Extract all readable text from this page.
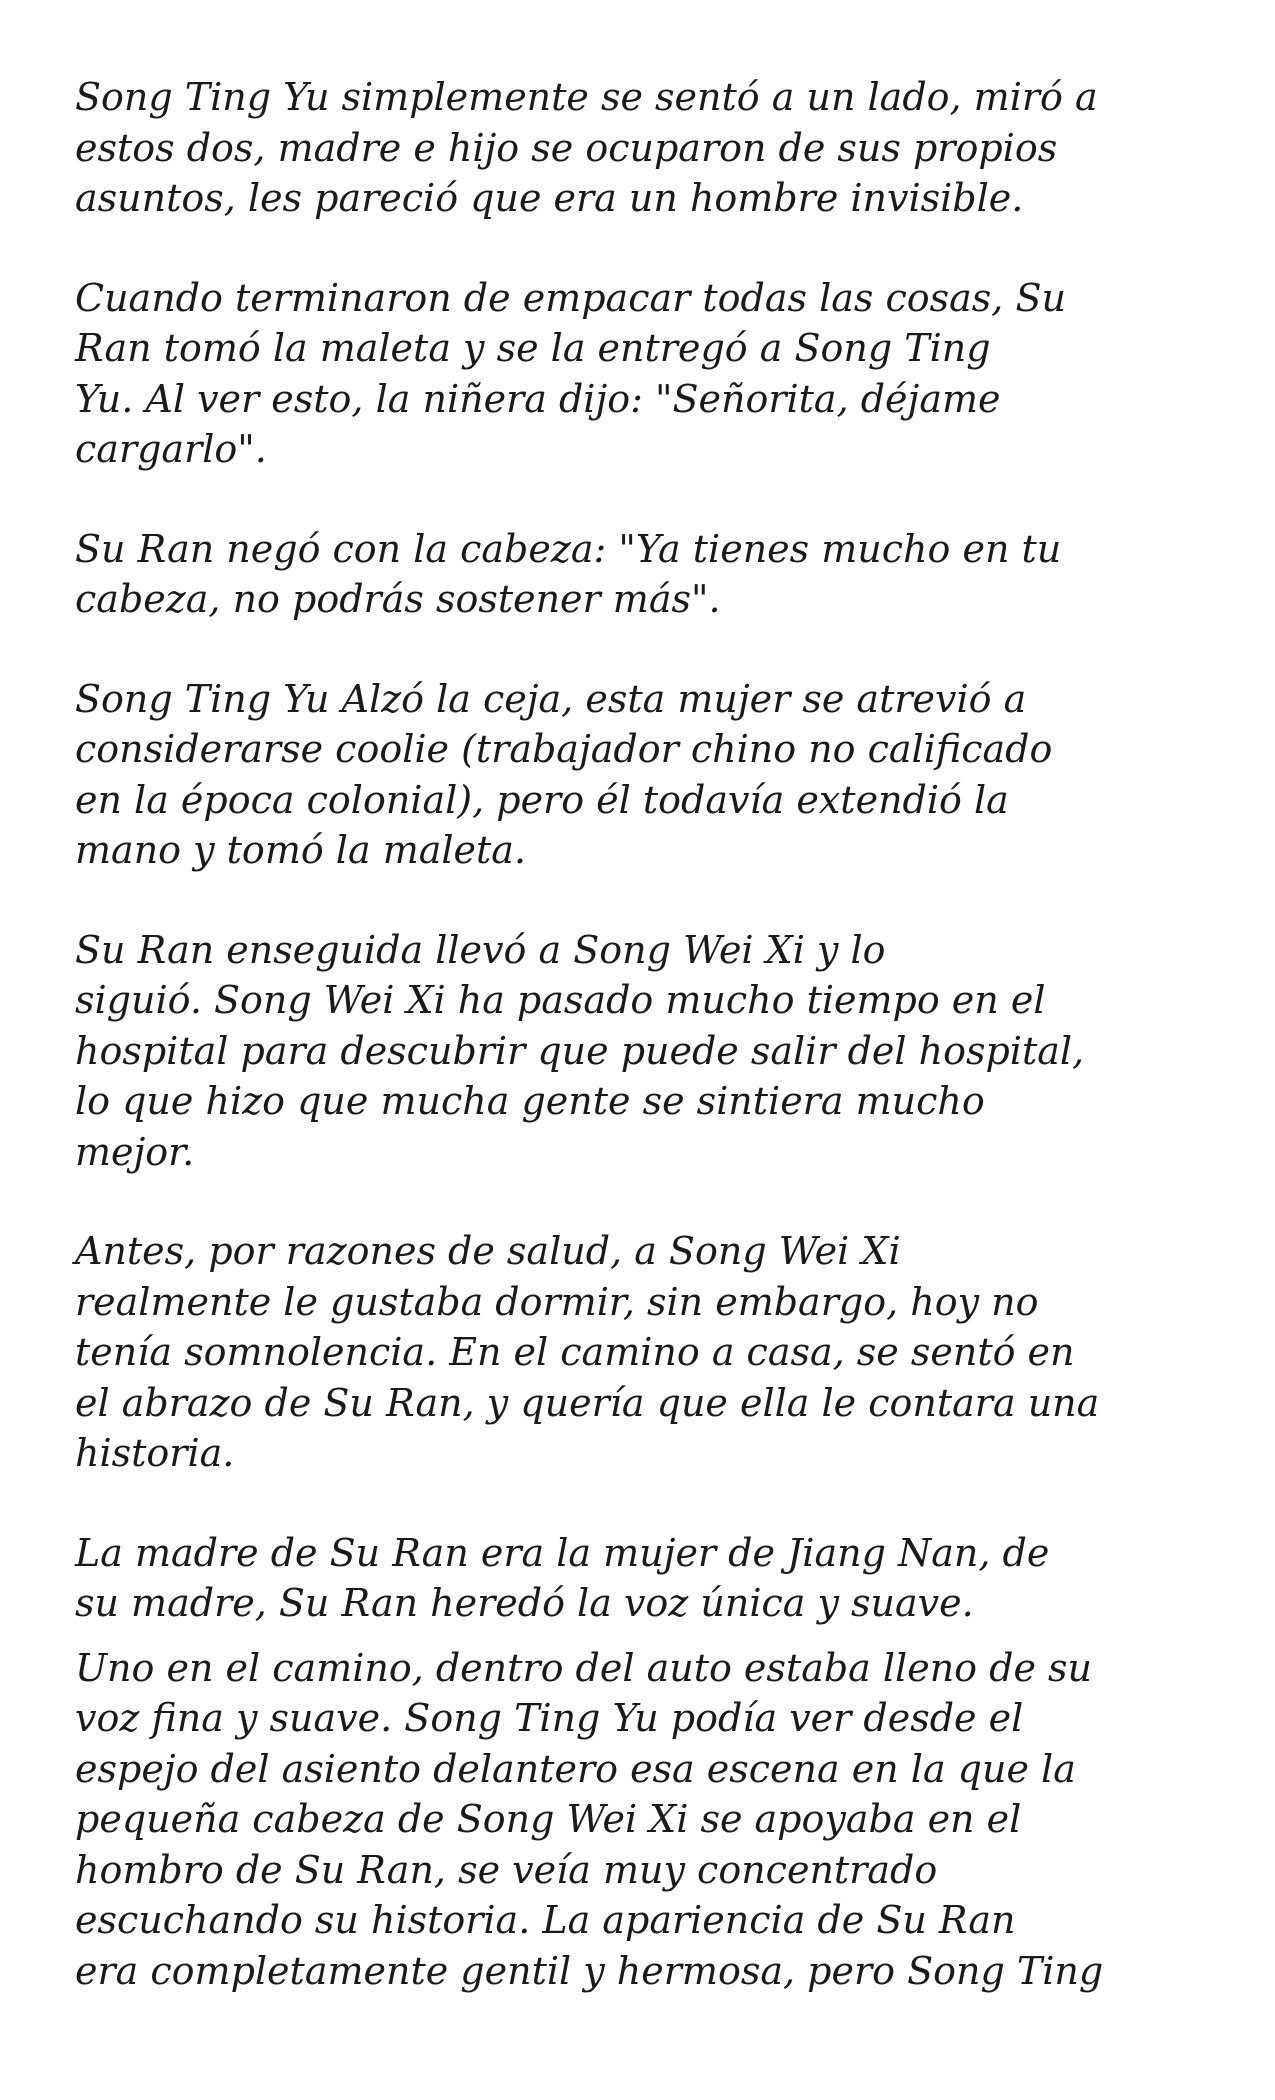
Song Ting Yu simplemente se sentó a un lado, miró a
estos dos, madre e hijo se ocuparon de sus propios
asuntos, les pareció que era un hombre invisible.

Cuando terminaron de empacar todas las cosas, Su
Ran tomó la maleta y se la entregó a Song Ting
Yu. Al ver esto, la niñera dijo: "Señorita, déjame
cargarlo".

Su Ran negó con la cabeza: "Ya tienes mucho en tu
cabeza, no podrás sostener más".

Song Ting Yu Alzó la ceja, esta mujer se atrevió a
considerarse coolie (trabajador chino no calificado
en la época colonial), pero él todavía extendió la
mano y tomó la maleta.

Su Ran enseguida llevó a Song Wei Xi y lo
siguió. Song Wei Xi ha pasado mucho tiempo en el
hospital para descubrir que puede salir del hospital,
lo que hizo que mucha gente se sintiera mucho
mejor.

Antes, por razones de salud, a Song Wei Xi
realmente le gustaba dormir, sin embargo, hoy no
tenía somnolencia. En el camino a casa, se sentó en
el abrazo de Su Ran, y quería que ella le contara una
historia.

La madre de Su Ran era la mujer de Jiang Nan, de
su madre, Su Ran heredó la voz única y suave.

Uno en el camino, dentro del auto estaba lleno de su
voz fina y suave. Song Ting Yu podía ver desde el
espejo del asiento delantero esa escena en la que la
pequeña cabeza de Song Wei Xi se apoyaba en el
hombro de Su Ran, se veía muy concentrado
escuchando su historia. La apariencia de Su Ran
era completamente gentil y hermosa, pero Song Ting
